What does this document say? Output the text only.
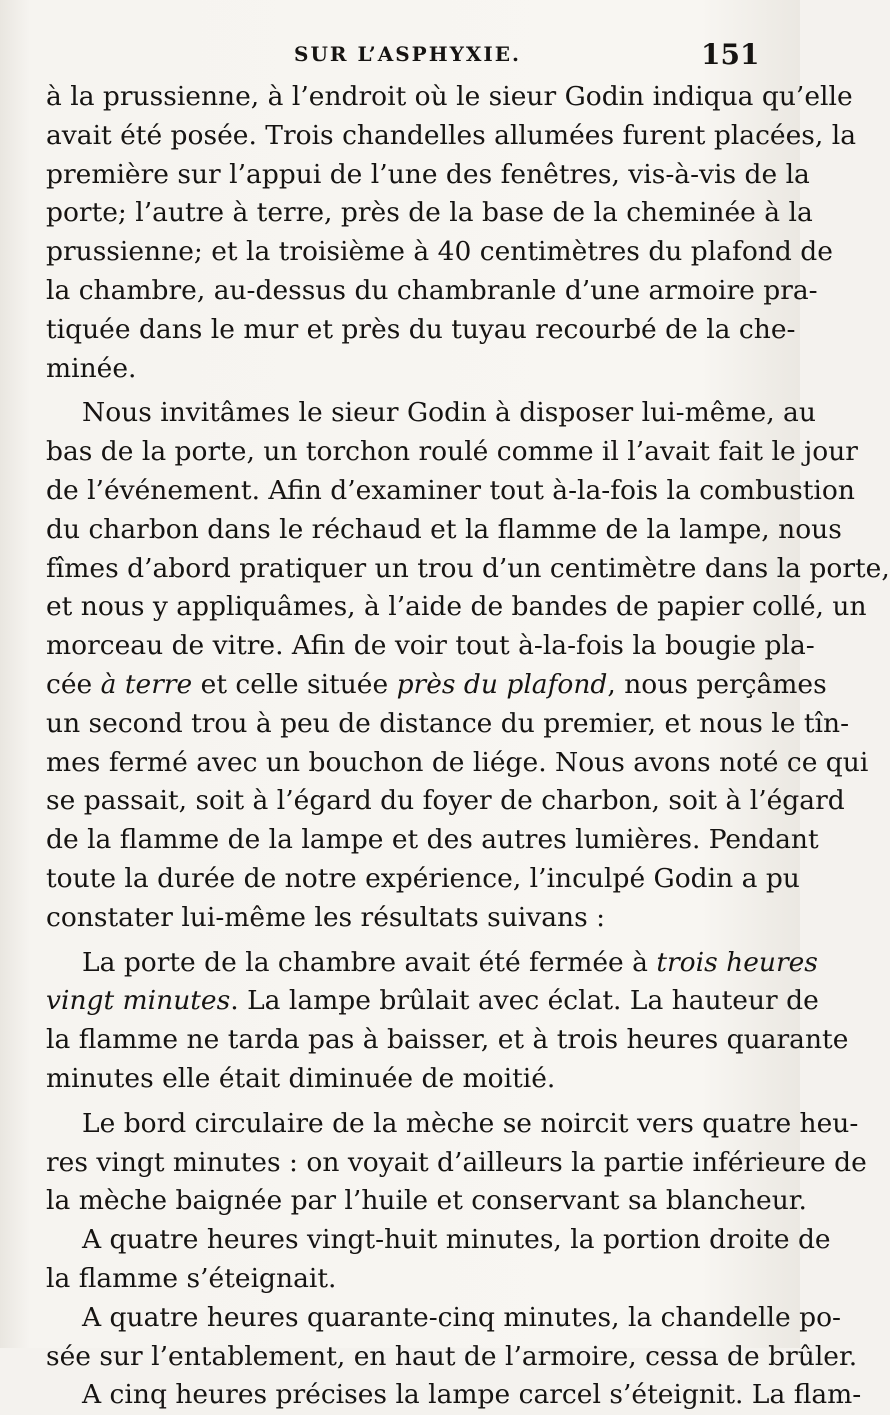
SUR L’ASPHYXIE.	151
à la prussienne, à l’endroit où le sieur Godin indiqua qu’elle
avait été posée. Trois chandelles allumées furent placées, la
première sur l’appui de l’une des fenêtres, vis-à-vis de la
porte; l’autre à terre, près de la base de la cheminée à la
prussienne; et la troisième à 40 centimètres du plafond de
la chambre, au-dessus du chambranle d’une armoire pra-
tiquée dans le mur et près du tuyau recourbé de la che-
minée.
Nous invitâmes le sieur Godin à disposer lui-même, au
bas de la porte, un torchon roulé comme il l’avait fait le jour
de l’événement. Afin d’examiner tout à-la-fois la combustion
du charbon dans le réchaud et la flamme de la lampe, nous
fîmes d’abord pratiquer un trou d’un centimètre dans la porte,
et nous y appliquâmes, à l’aide de bandes de papier collé, un
morceau de vitre. Afin de voir tout à-la-fois la bougie pla-
cée à terre et celle située près du plafond, nous perçâmes
un second trou à peu de distance du premier, et nous le tîn-
mes fermé avec un bouchon de liége. Nous avons noté ce qui
se passait, soit à l’égard du foyer de charbon, soit à l’égard
de la flamme de la lampe et des autres lumières. Pendant
toute la durée de notre expérience, l’inculpé Godin a pu
constater lui-même les résultats suivans :
La porte de la chambre avait été fermée à trois heures
vingt minutes. La lampe brûlait avec éclat. La hauteur de
la flamme ne tarda pas à baisser, et à trois heures quarante
minutes elle était diminuée de moitié.
Le bord circulaire de la mèche se noircit vers quatre heu-
res vingt minutes : on voyait d’ailleurs la partie inférieure de
la mèche baignée par l’huile et conservant sa blancheur.
A quatre heures vingt-huit minutes, la portion droite de
la flamme s’éteignait.
A quatre heures quarante-cinq minutes, la chandelle po-
sée sur l’entablement, en haut de l’armoire, cessa de brûler.
A cinq heures précises la lampe carcel s’éteignit. La flam-
